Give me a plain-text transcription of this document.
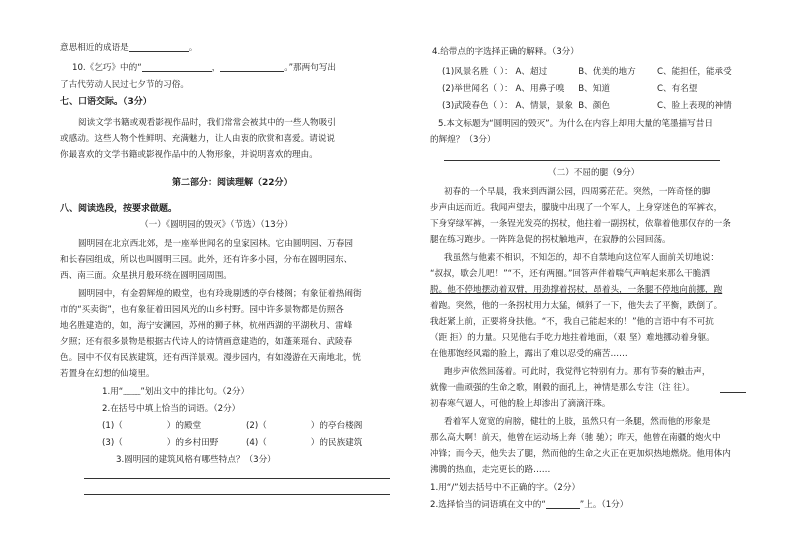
意思相近的成语是	。
10.《乞巧》中的“	，	。”那两句写出
了古代劳动人民过七夕节的习俗。
七、口语交际。（3分）
阅读文学书籍或观看影视作品时，我们常常会被其中的一些人物吸引
或感动。这些人物个性鲜明、充满魅力，让人由衷的欣赏和喜爱。请说说
你最喜欢的文学书籍或影视作品中的人物形象，并说明喜欢的理由。
第二部分：阅读理解（22分）
八、阅读选段，按要求做题。
（一）《圆明园的毁灭》（节选）（13分）
圆明园在北京西北郊，是一座举世闻名的皇家园林。它由圆明园、万春园
和长春园组成，所以也叫圆明三园。此外，还有许多小园，分布在圆明园东、
西、南三面。众星拱月般环绕在圆明园周围。
圆明园中，有金碧辉煌的殿堂，也有玲珑剔透的亭台楼阁；有象征着热闹街
市的“买卖街”，也有象征着田园风光的山乡村野。园中许多景物都是仿照各
地名胜建造的，如，海宁安澜园，苏州的狮子林，杭州西湖的平湖秋月、雷峰
夕照；还有很多景物是根据古代诗人的诗情画意建造的，如蓬莱瑶台、武陵春
色。园中不仅有民族建筑，还有西洋景观。漫步园内，有如漫游在天南地北，恍
若置身在幻想的仙境里。
1.用“﹏﹏”划出文中的排比句。（2分）
2.在括号中填上恰当的词语。（2分）
(1)（	）的殿堂	(2)（	）的亭台楼阁
(3)（	）的乡村田野	(4)（	）的民族建筑
3.圆明园的建筑风格有哪些特点？（3分）
4.给带点的字选择正确的解释。（3分）
(1)风景名胜（ ）： A、超过	B、优美的地方 C、能担任，能承受
(2)举世闻名（ ）： A、用鼻子嗅 B、知道	C、有名望
(3)武陵春色（ ）： A、情景，景象 B、颜色	C、脸上表现的神情
5.本文标题为“圆明园的毁灭”。为什么在内容上却用大量的笔墨描写昔日
的辉煌？（3分）
（二）不屈的腿（9分）
初春的一个早晨，我来到西湖公园，四周雾茫茫。突然，一阵奇怪的脚
步声由远而近。我闻声望去，朦胧中出现了一个军人，上身穿迷色的军裤衣，
下身穿绿军裤，一条锃光发亮的拐杖，他拄着一副拐杖，依靠着他那仅存的一条
腿在练习跑步。一阵阵急促的拐杖触地声，在寂静的公园回荡。
我虽然与他素不相识，不知怎的，却不自禁地向这位军人面前关切地说：
“叔叔，歇会儿吧！”“不，还有两圈。”回答声伴着喘气声响起来那么干脆洒
脱。他不停地摆动着双臂，用劲撑着拐杖，昂着头，一条腿不停地向前挪，跑
着跑。突然，他的一条拐杖用力太猛，倾斜了一下，他失去了平衡，跌倒了。
我赶紧上前，正要将身扶他。“不，我自己能起来的！”他的言语中有不可抗
（距 拒）的力量。只见他右手吃力地拄着地面，（艰 坚）难地挪动着身躯。
在他那饱经风霜的脸上，露出了难以忍受的痛苦……
跑步声依然回荡着。可此时，我觉得它特别有力。那有节奏的触击声，
就像一曲顽强的生命之歌，刚毅的面孔上，神情是那么专注（注 往）。
初春寒气逼人，可他的脸上却渗出了滴滴汗珠。
看着军人宽宽的肩膀，健壮的上肢，虽然只有一条腿，然而他的形象是
那么高大啊！前天，他曾在运动场上奔（驰 驰）；昨天，他曾在南疆的炮火中
冲锋；而今天，他失去了腿，然而他的生命之火正在更加炽热地燃烧。他用体内
沸腾的热血，走完更长的路……
1.用“/”划去括号中不正确的字。（2分）
2.选择恰当的词语填在文中的“	”上。（1分）
